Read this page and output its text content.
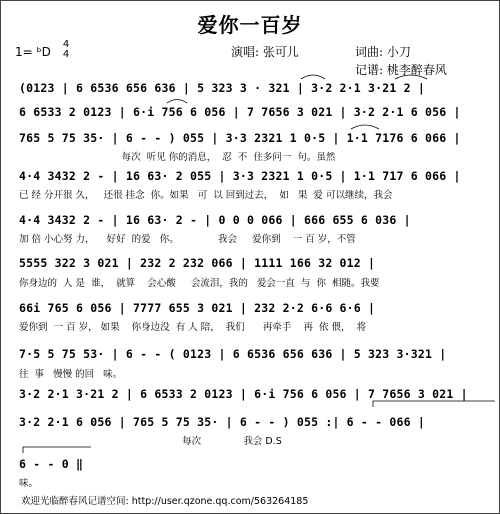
爱你一百岁
演唱: 张可儿	词曲: 小刀
记谱: 桃李醉春风
1= ᵇD
4
4
(0123 | 6 6536 656 636 | 5 323 3 · 321 | 3·2 2·1 3·21 2 |
6 6533 2 0123 | 6·i 756 6 056 | 7 7656 3 021 | 3·2 2·1 6 056 |
765 5 75 35· | 6 - - ) 055 | 3·3 2321 1 0·5 | 1·1 7176 6 066 |
每次  听见 你的消息，  忍  不  住多问一  句。虽然
4·4 3432 2 - | 16 63· 2 055 | 3·3 2321 1 0·5 | 1·1 717 6 066 |
已 经 分开很 久，   还很 挂念  你。如果   可  以 回到过去，  如   果  爱 可以继续，我会
4·4 3432 2 - | 16 63· 2 - | 0 0 0 066 | 666 655 6 036 |
加 倍 小心努 力，    好好  的爱   你。             我会     爱你到    一 百 岁，不管
5555 322 3 021 | 232 2 232 066 | 1111 166 32 012 |
你身边的  人 是  谁，  就算    会心酸     会流泪，我的   爱会一直  与  你  相随。我要
66i 765 6 056 | 7777 655 3 021 | 232 2·2 6·6 6·6 |
爱你到  一 百 岁， 如果    你身边没  有 人 陪，  我们      再牵手    再  依 偎，  将
7·5 5 75 53· | 6 - - ( 0123 | 6 6536 656 636 | 5 323 3·321 |
往  事   慢慢 的回   味。
3·2 2·1 3·21 2 | 6 6533 2 0123 | 6·i 756 6 056 | 7 7656 3 021 |
3·2 2·1 6 056 | 765 5 75 35· | 6 - - ) 055 :| 6 - - 066 |
每次              我会 D.S
6 - - 0 ‖
味。
欢迎光临醉春风记谱空间: http://user.qzone.qq.com/563264185
